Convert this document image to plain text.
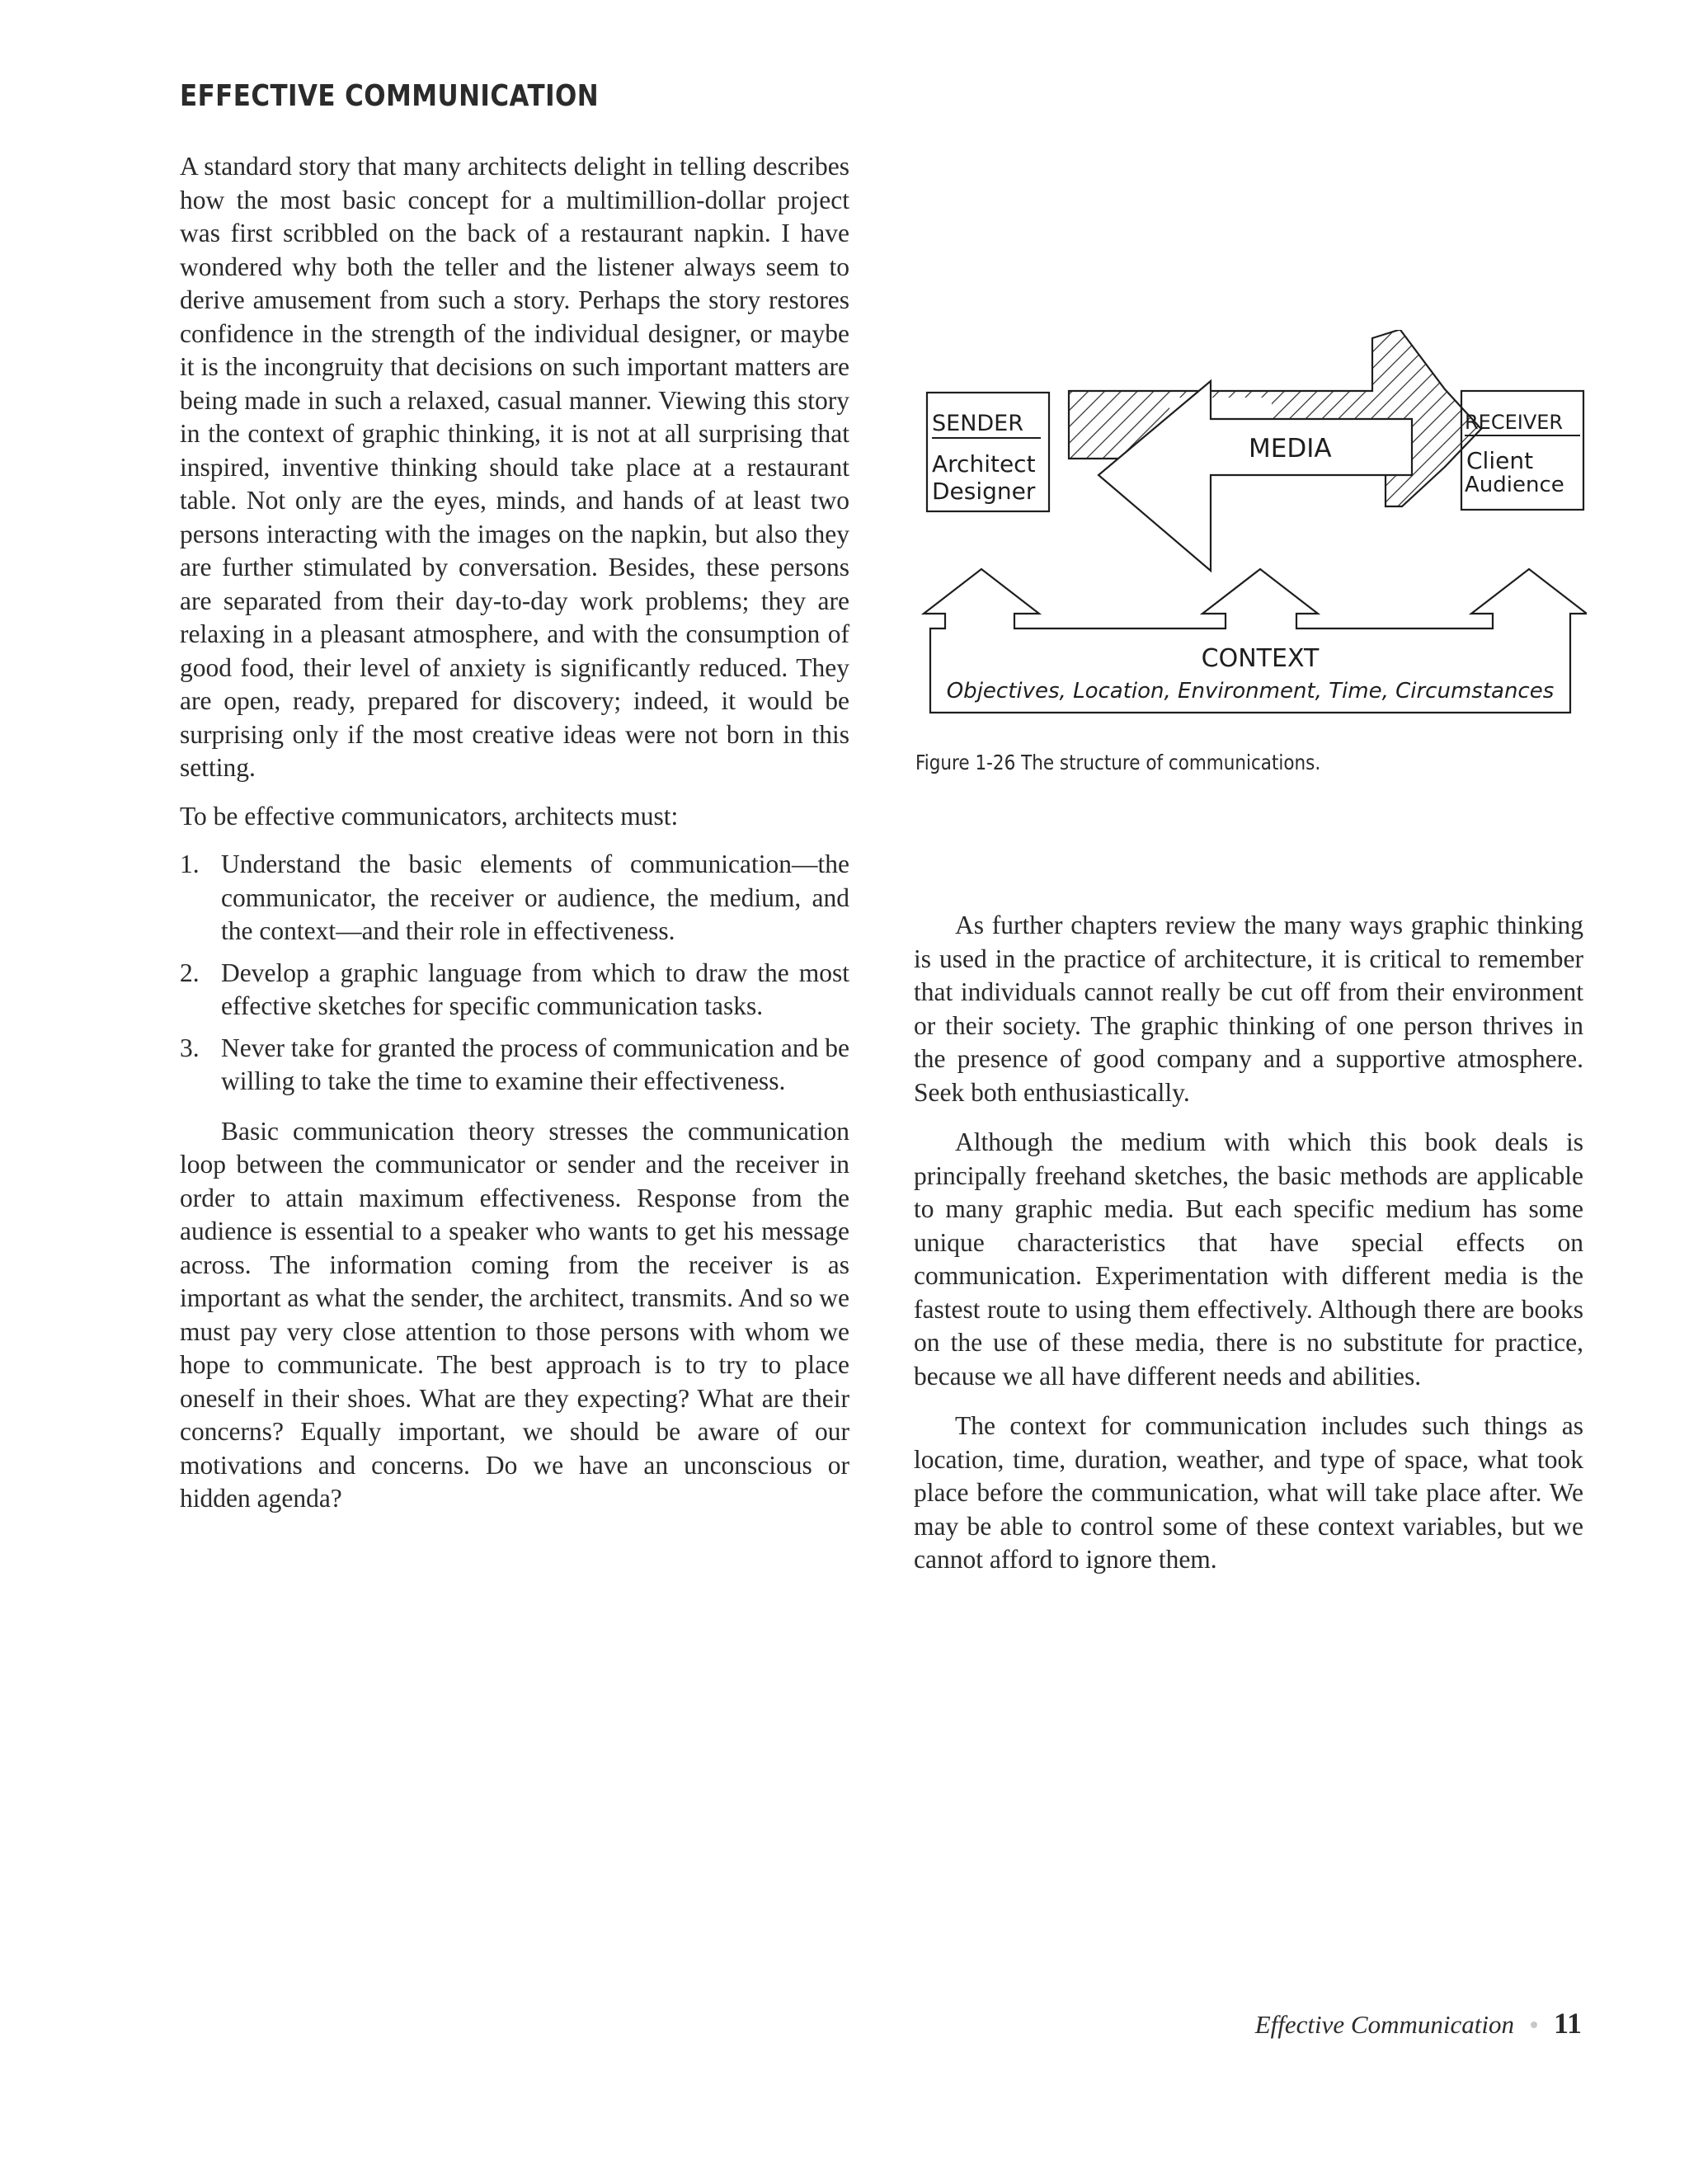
EFFECTIVE COMMUNICATION

A standard story that many architects delight in telling describes how the most basic concept for a multimillion-dollar project was first scribbled on the back of a restaurant napkin. I have wondered why both the teller and the listener always seem to derive amusement from such a story. Perhaps the story restores confidence in the strength of the individual designer, or maybe it is the incongruity that decisions on such important matters are being made in such a relaxed, casual manner. Viewing this story in the context of graphic thinking, it is not at all surprising that inspired, inventive thinking should take place at a restaurant table. Not only are the eyes, minds, and hands of at least two persons interacting with the images on the napkin, but also they are further stimulated by conversation. Besides, these persons are separated from their day-to-day work problems; they are relaxing in a pleasant atmosphere, and with the consumption of good food, their level of anxiety is significantly reduced. They are open, ready, prepared for discovery; indeed, it would be surprising only if the most creative ideas were not born in this setting.

To be effective communicators, architects must:

1. Understand the basic elements of communication—the communicator, the receiver or audience, the medium, and the context—and their role in effectiveness.
2. Develop a graphic language from which to draw the most effective sketches for specific communication tasks.
3. Never take for granted the process of communication and be willing to take the time to examine their effectiveness.

Basic communication theory stresses the communication loop between the communicator or sender and the receiver in order to attain maximum effectiveness. Response from the audience is essential to a speaker who wants to get his message across. The information coming from the receiver is as important as what the sender, the architect, transmits. And so we must pay very close attention to those persons with whom we hope to communicate. The best approach is to try to place oneself in their shoes. What are they expecting? What are their concerns? Equally important, we should be aware of our motivations and concerns. Do we have an unconscious or hidden agenda?

SENDER
Architect
Designer
MEDIA
RECEIVER
Client
Audience
CONTEXT
Objectives, Location, Environment, Time, Circumstances
Figure 1-26 The structure of communications.

As further chapters review the many ways graphic thinking is used in the practice of architecture, it is critical to remember that individuals cannot really be cut off from their environment or their society. The graphic thinking of one person thrives in the presence of good company and a supportive atmosphere. Seek both enthusiastically.

Although the medium with which this book deals is principally freehand sketches, the basic methods are applicable to many graphic media. But each specific medium has some unique characteristics that have special effects on communication. Experimentation with different media is the fastest route to using them effectively. Although there are books on the use of these media, there is no substitute for practice, because we all have different needs and abilities.

The context for communication includes such things as location, time, duration, weather, and type of space, what took place before the communication, what will take place after. We may be able to control some of these context variables, but we cannot afford to ignore them.

Effective Communication 11
